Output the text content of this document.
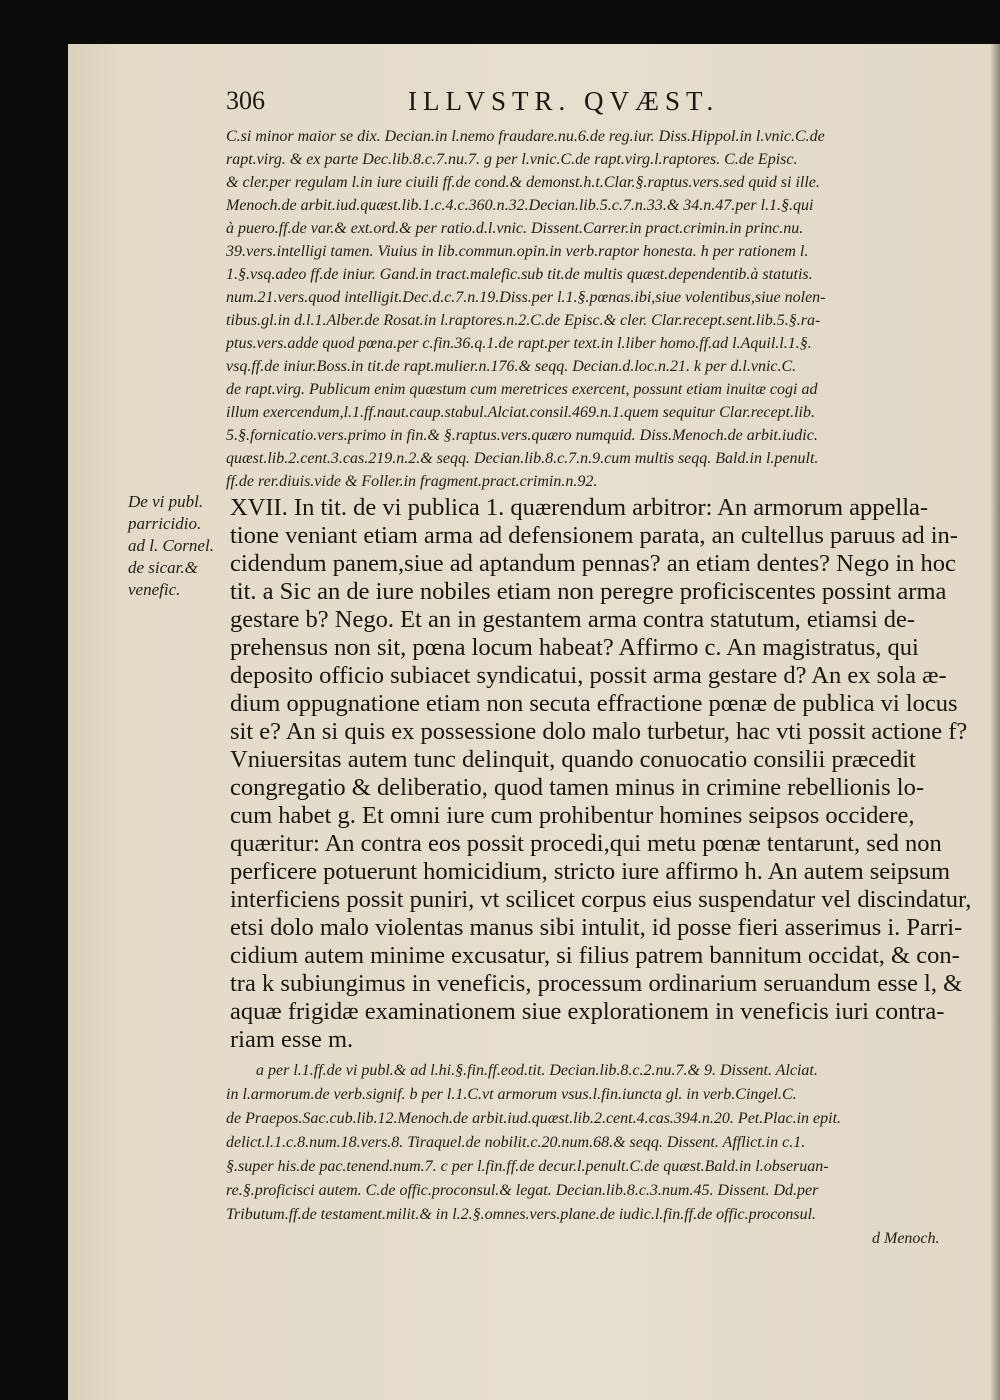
306	ILLVSTR. QVÆST.
C.si minor maior se dix. Decian.in l.nemo fraudare.nu.6.de reg.iur. Diss.Hippol.in l.vnic.C.de
rapt.virg. & ex parte Dec.lib.8.c.7.nu.7. g per l.vnic.C.de rapt.virg.l.raptores. C.de Episc.
& cler.per regulam l.in iure ciuili ff.de cond.& demonst.h.t.Clar.§.raptus.vers.sed quid si ille.
Menoch.de arbit.iud.quæst.lib.1.c.4.c.360.n.32.Decian.lib.5.c.7.n.33.& 34.n.47.per l.1.§.qui
à puero.ff.de var.& ext.ord.& per ratio.d.l.vnic. Dissent.Carrer.in pract.crimin.in princ.nu.
39.vers.intelligi tamen. Viuius in lib.commun.opin.in verb.raptor honesta. h per rationem l.
1.§.vsq.adeo ff.de iniur. Gand.in tract.malefic.sub tit.de multis quæst.dependentib.à statutis.
num.21.vers.quod intelligit.Dec.d.c.7.n.19.Diss.per l.1.§.pœnas.ibi,siue volentibus,siue nolen-
tibus.gl.in d.l.1.Alber.de Rosat.in l.raptores.n.2.C.de Episc.& cler. Clar.recept.sent.lib.5.§.ra-
ptus.vers.adde quod pœna.per c.fin.36.q.1.de rapt.per text.in l.liber homo.ff.ad l.Aquil.l.1.§.
vsq.ff.de iniur.Boss.in tit.de rapt.mulier.n.176.& seqq. Decian.d.loc.n.21. k per d.l.vnic.C.
de rapt.virg. Publicum enim quæstum cum meretrices exercent, possunt etiam inuitæ cogi ad
illum exercendum,l.1.ff.naut.caup.stabul.Alciat.consil.469.n.1.quem sequitur Clar.recept.lib.
5.§.fornicatio.vers.primo in fin.& §.raptus.vers.quæro numquid. Diss.Menoch.de arbit.iudic.
quæst.lib.2.cent.3.cas.219.n.2.& seqq. Decian.lib.8.c.7.n.9.cum multis seqq. Bald.in l.penult.
ff.de rer.diuis.vide & Foller.in fragment.pract.crimin.n.92.
De vi publ.
parricidio.
ad l. Cornel.
de sicar.&
venefic.
XVII. In tit. de vi publica 1. quærendum arbitror: An armorum appella-
tione veniant etiam arma ad defensionem parata, an cultellus paruus ad in-
cidendum panem,siue ad aptandum pennas? an etiam dentes? Nego in hoc
tit. a Sic an de iure nobiles etiam non peregre proficiscentes possint arma
gestare b? Nego. Et an in gestantem arma contra statutum, etiamsi de-
prehensus non sit, pœna locum habeat? Affirmo c. An magistratus, qui
deposito officio subiacet syndicatui, possit arma gestare d? An ex sola æ-
dium oppugnatione etiam non secuta effractione pœnæ de publica vi locus
sit e? An si quis ex possessione dolo malo turbetur, hac vti possit actione f?
Vniuersitas autem tunc delinquit, quando conuocatio consilii præcedit
congregatio & deliberatio, quod tamen minus in crimine rebellionis lo-
cum habet g. Et omni iure cum prohibentur homines seipsos occidere,
quæritur: An contra eos possit procedi,qui metu pœnæ tentarunt, sed non
perficere potuerunt homicidium, stricto iure affirmo h. An autem seipsum
interficiens possit puniri, vt scilicet corpus eius suspendatur vel discindatur,
etsi dolo malo violentas manus sibi intulit, id posse fieri asserimus i. Parri-
cidium autem minime excusatur, si filius patrem bannitum occidat, & con-
tra k subiungimus in veneficis, processum ordinarium seruandum esse l, &
aquæ frigidæ examinationem siue explorationem in veneficis iuri contra-
riam esse m.
a per l.1.ff.de vi publ.& ad l.hi.§.fin.ff.eod.tit. Decian.lib.8.c.2.nu.7.& 9. Dissent. Alciat.
in l.armorum.de verb.signif. b per l.1.C.vt armorum vsus.l.fin.iuncta gl. in verb.Cingel.C.
de Praepos.Sac.cub.lib.12.Menoch.de arbit.iud.quæst.lib.2.cent.4.cas.394.n.20. Pet.Plac.in epit.
delict.l.1.c.8.num.18.vers.8. Tiraquel.de nobilit.c.20.num.68.& seqq. Dissent. Afflict.in c.1.
§.super his.de pac.tenend.num.7. c per l.fin.ff.de decur.l.penult.C.de quæst.Bald.in l.obseruan-
re.§.proficisci autem. C.de offic.proconsul.& legat. Decian.lib.8.c.3.num.45. Dissent. Dd.per
Tributum.ff.de testament.milit.& in l.2.§.omnes.vers.plane.de iudic.l.fin.ff.de offic.proconsul.
d Menoch.
